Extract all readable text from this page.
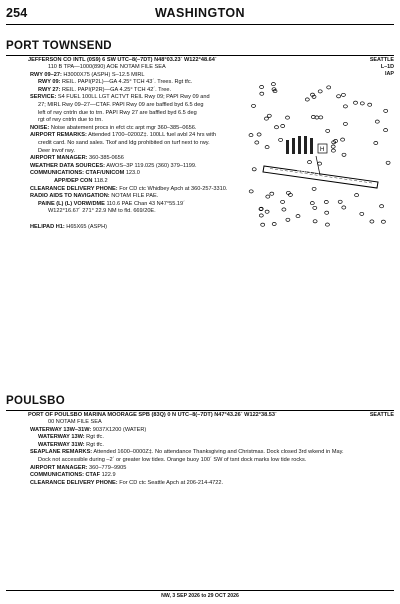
254	WASHINGTON
PORT TOWNSEND
JEFFERSON CO INTL (0S9) 6 SW UTC–8(–7DT) N48°03.23´ W122°48.64´	SEATTLE
L–1D
IAP
110 B TPA—1000(890) AOE NOTAM FILE SEA
RWY 09–27: H3000X75 (ASPH) S–12.5 MIRL
RWY 09: REIL. PAPI(P2L)—GA 4.25° TCH 43´. Trees. Rgt tfc.
RWY 27: REIL. PAPI(P2R)—GA 4.25° TCH 42´. Tree.
SERVICE: S4 FUEL 100LL LGT ACTVT REIL Rwy 09; PAPI Rwy 09 and
27; MIRL Rwy 09–27—CTAF. PAPI Rwy 09 are baffled byd 6.5 deg
left of rwy cntrln due to trn. PAPI Rwy 27 are baffled byd 6.5 deg
rgt of rwy cntrln due to trn.
NOISE: Noise abatement procs in efct ctc arpt mgr 360–385–0656.
AIRPORT REMARKS: Attended 1700–0200Z‡. 100LL fuel avbl 24 hrs with
credit card. No sand sales. Tkof and ldg prohibited on turf next to rwy.
Deer invof rwy.
AIRPORT MANAGER: 360-385-0656
WEATHER DATA SOURCES: AWOS–3P 119.025 (360) 379–1199.
COMMUNICATIONS: CTAF/UNICOM 123.0
APP/DEP CON 118.2
CLEARANCE DELIVERY PHONE: For CD ctc Whidbey Apch at 360-257-3310.
RADIO AIDS TO NAVIGATION: NOTAM FILE PAE.
PAINE (L) (L) VORW/DME 110.6 PAE Chan 43 N47°55.19´
W122°16.67´ 271° 22.9 NM to fld. 669/20E.
HELIPAD H1: H65X65 (ASPH)
3000 X 75
H
POULSBO
PORT OF POULSBO MARINA MOORAGE SPB (83Q) 0 N UTC–8(–7DT) N47°43.26´ W122°38.53´	SEATTLE
00 NOTAM FILE SEA
WATERWAY 13W–31W: 9037X1200 (WATER)
WATERWAY 13W: Rgt tfc.
WATERWAY 31W: Rgt tfc.
SEAPLANE REMARKS: Attended 1600–0000Z‡. No attendance Thanksgiving and Christmas. Dock closed 3rd wkend in May.
Dock not accessible during –2´ or greater low tides. Orange buoy 100´ SW of tsnt dock marks low tide rocks.
AIRPORT MANAGER: 360–779–9905
COMMUNICATIONS: CTAF 122.9
CLEARANCE DELIVERY PHONE: For CD ctc Seattle Apch at 206-214-4722.
NW, 3 SEP 2026 to 29 OCT 2026
